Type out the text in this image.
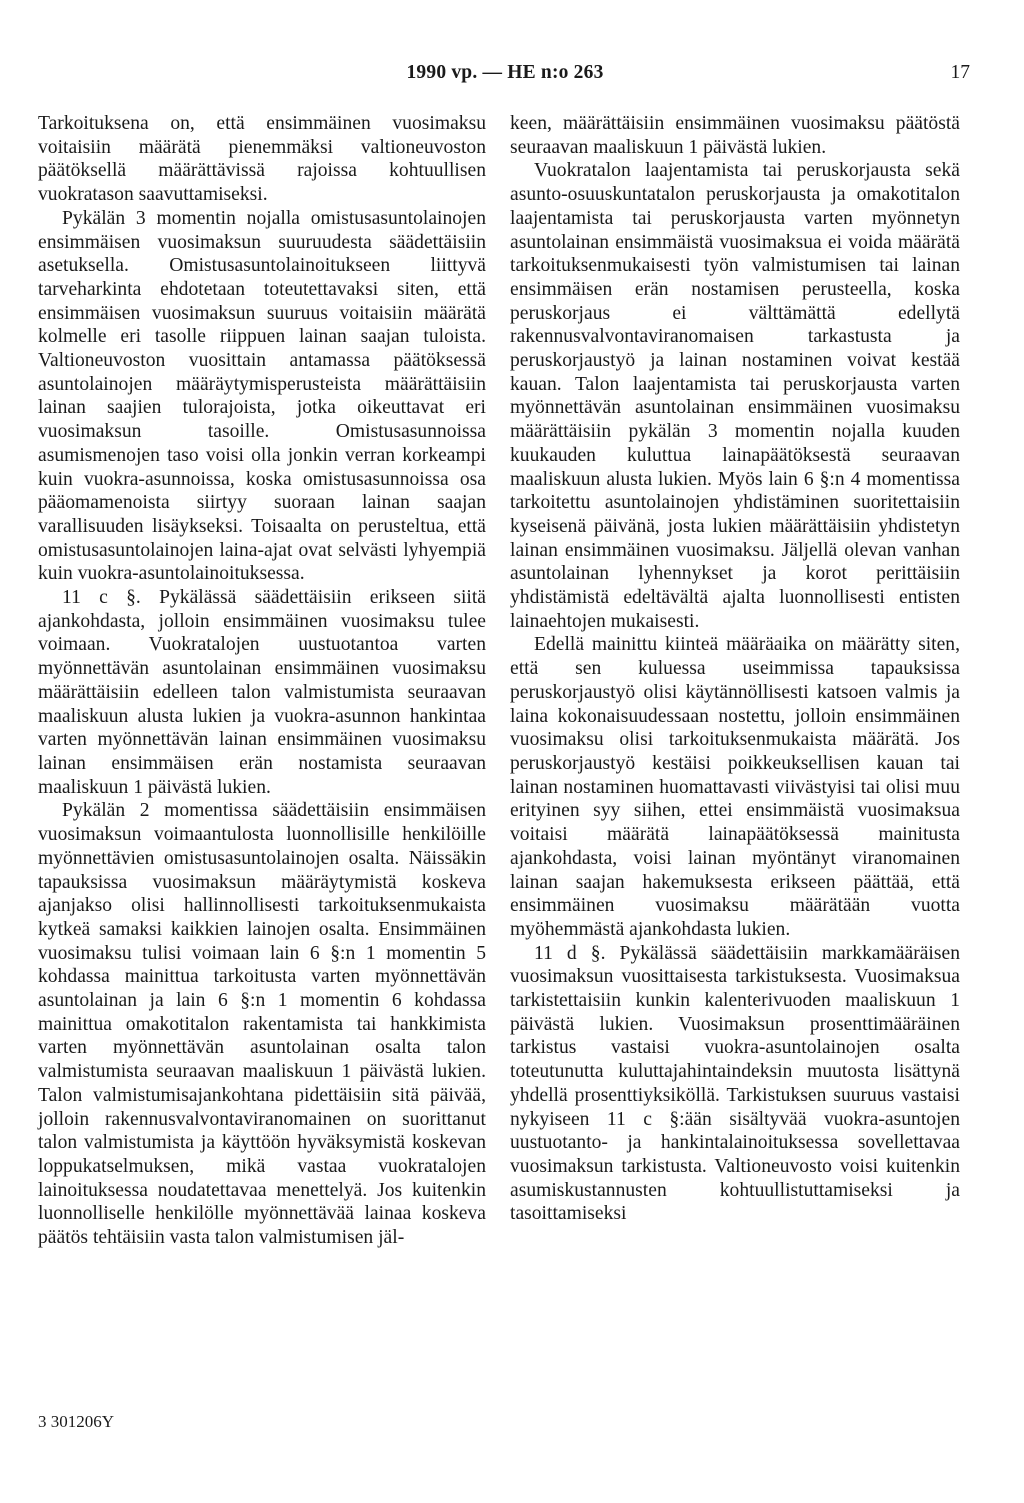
1990 vp. — HE n:o 263	17

Tarkoituksena on, että ensimmäinen vuosimaksu voitaisiin määrätä pienemmäksi valtioneuvoston päätöksellä määrättävissä rajoissa kohtuullisen vuokratason saavuttamiseksi.

Pykälän 3 momentin nojalla omistusasuntolainojen ensimmäisen vuosimaksun suuruudesta säädettäisiin asetuksella. Omistusasuntolainoitukseen liittyvä tarveharkinta ehdotetaan toteutettavaksi siten, että ensimmäisen vuosimaksun suuruus voitaisiin määrätä kolmelle eri tasolle riippuen lainan saajan tuloista. Valtioneuvoston vuosittain antamassa päätöksessä asuntolainojen määräytymisperusteista määrättäisiin lainan saajien tulorajoista, jotka oikeuttavat eri vuosimaksun tasoille. Omistusasunnoissa asumismenojen taso voisi olla jonkin verran korkeampi kuin vuokra-asunnoissa, koska omistusasunnoissa osa pääomamenoista siirtyy suoraan lainan saajan varallisuuden lisäykseksi. Toisaalta on perusteltua, että omistusasuntolainojen laina-ajat ovat selvästi lyhyempiä kuin vuokra-asuntolainoituksessa.

11 c §. Pykälässä säädettäisiin erikseen siitä ajankohdasta, jolloin ensimmäinen vuosimaksu tulee voimaan. Vuokratalojen uustuotantoa varten myönnettävän asuntolainan ensimmäinen vuosimaksu määrättäisiin edelleen talon valmistumista seuraavan maaliskuun alusta lukien ja vuokra-asunnon hankintaa varten myönnettävän lainan ensimmäinen vuosimaksu lainan ensimmäisen erän nostamista seuraavan maaliskuun 1 päivästä lukien.

Pykälän 2 momentissa säädettäisiin ensimmäisen vuosimaksun voimaantulosta luonnollisille henkilöille myönnettävien omistusasuntolainojen osalta. Näissäkin tapauksissa vuosimaksun määräytymistä koskeva ajanjakso olisi hallinnollisesti tarkoituksenmukaista kytkeä samaksi kaikkien lainojen osalta. Ensimmäinen vuosimaksu tulisi voimaan lain 6 §:n 1 momentin 5 kohdassa mainittua tarkoitusta varten myönnettävän asuntolainan ja lain 6 §:n 1 momentin 6 kohdassa mainittua omakotitalon rakentamista tai hankkimista varten myönnettävän asuntolainan osalta talon valmistumista seuraavan maaliskuun 1 päivästä lukien. Talon valmistumisajankohtana pidettäisiin sitä päivää, jolloin rakennusvalvontaviranomainen on suorittanut talon valmistumista ja käyttöön hyväksymistä koskevan loppukatselmuksen, mikä vastaa vuokratalojen lainoituksessa noudatettavaa menettelyä. Jos kuitenkin luonnolliselle henkilölle myönnettävää lainaa koskeva päätös tehtäisiin vasta talon valmistumisen jäl-

keen, määrättäisiin ensimmäinen vuosimaksu päätöstä seuraavan maaliskuun 1 päivästä lukien.

Vuokratalon laajentamista tai peruskorjausta sekä asunto-osuuskuntatalon peruskorjausta ja omakotitalon laajentamista tai peruskorjausta varten myönnetyn asuntolainan ensimmäistä vuosimaksua ei voida määrätä tarkoituksenmukaisesti työn valmistumisen tai lainan ensimmäisen erän nostamisen perusteella, koska peruskorjaus ei välttämättä edellytä rakennusvalvontaviranomaisen tarkastusta ja peruskorjaustyö ja lainan nostaminen voivat kestää kauan. Talon laajentamista tai peruskorjausta varten myönnettävän asuntolainan ensimmäinen vuosimaksu määrättäisiin pykälän 3 momentin nojalla kuuden kuukauden kuluttua lainapäätöksestä seuraavan maaliskuun alusta lukien. Myös lain 6 §:n 4 momentissa tarkoitettu asuntolainojen yhdistäminen suoritettaisiin kyseisenä päivänä, josta lukien määrättäisiin yhdistetyn lainan ensimmäinen vuosimaksu. Jäljellä olevan vanhan asuntolainan lyhennykset ja korot perittäisiin yhdistämistä edeltävältä ajalta luonnollisesti entisten lainaehtojen mukaisesti.

Edellä mainittu kiinteä määräaika on määrätty siten, että sen kuluessa useimmissa tapauksissa peruskorjaustyö olisi käytännöllisesti katsoen valmis ja laina kokonaisuudessaan nostettu, jolloin ensimmäinen vuosimaksu olisi tarkoituksenmukaista määrätä. Jos peruskorjaustyö kestäisi poikkeuksellisen kauan tai lainan nostaminen huomattavasti viivästyisi tai olisi muu erityinen syy siihen, ettei ensimmäistä vuosimaksua voitaisi määrätä lainapäätöksessä mainitusta ajankohdasta, voisi lainan myöntänyt viranomainen lainan saajan hakemuksesta erikseen päättää, että ensimmäinen vuosimaksu määrätään vuotta myöhemmästä ajankohdasta lukien.

11 d §. Pykälässä säädettäisiin markkamääräisen vuosimaksun vuosittaisesta tarkistuksesta. Vuosimaksua tarkistettaisiin kunkin kalenterivuoden maaliskuun 1 päivästä lukien. Vuosimaksun prosenttimääräinen tarkistus vastaisi vuokra-asuntolainojen osalta toteutunutta kuluttajahintaindeksin muutosta lisättynä yhdellä prosenttiyksiköllä. Tarkistuksen suuruus vastaisi nykyiseen 11 c §:ään sisältyvää vuokra-asuntojen uustuotanto- ja hankintalainoituksessa sovellettavaa vuosimaksun tarkistusta. Valtioneuvosto voisi kuitenkin asumiskustannusten kohtuullistuttamiseksi ja tasoittamiseksi

3 301206Y
